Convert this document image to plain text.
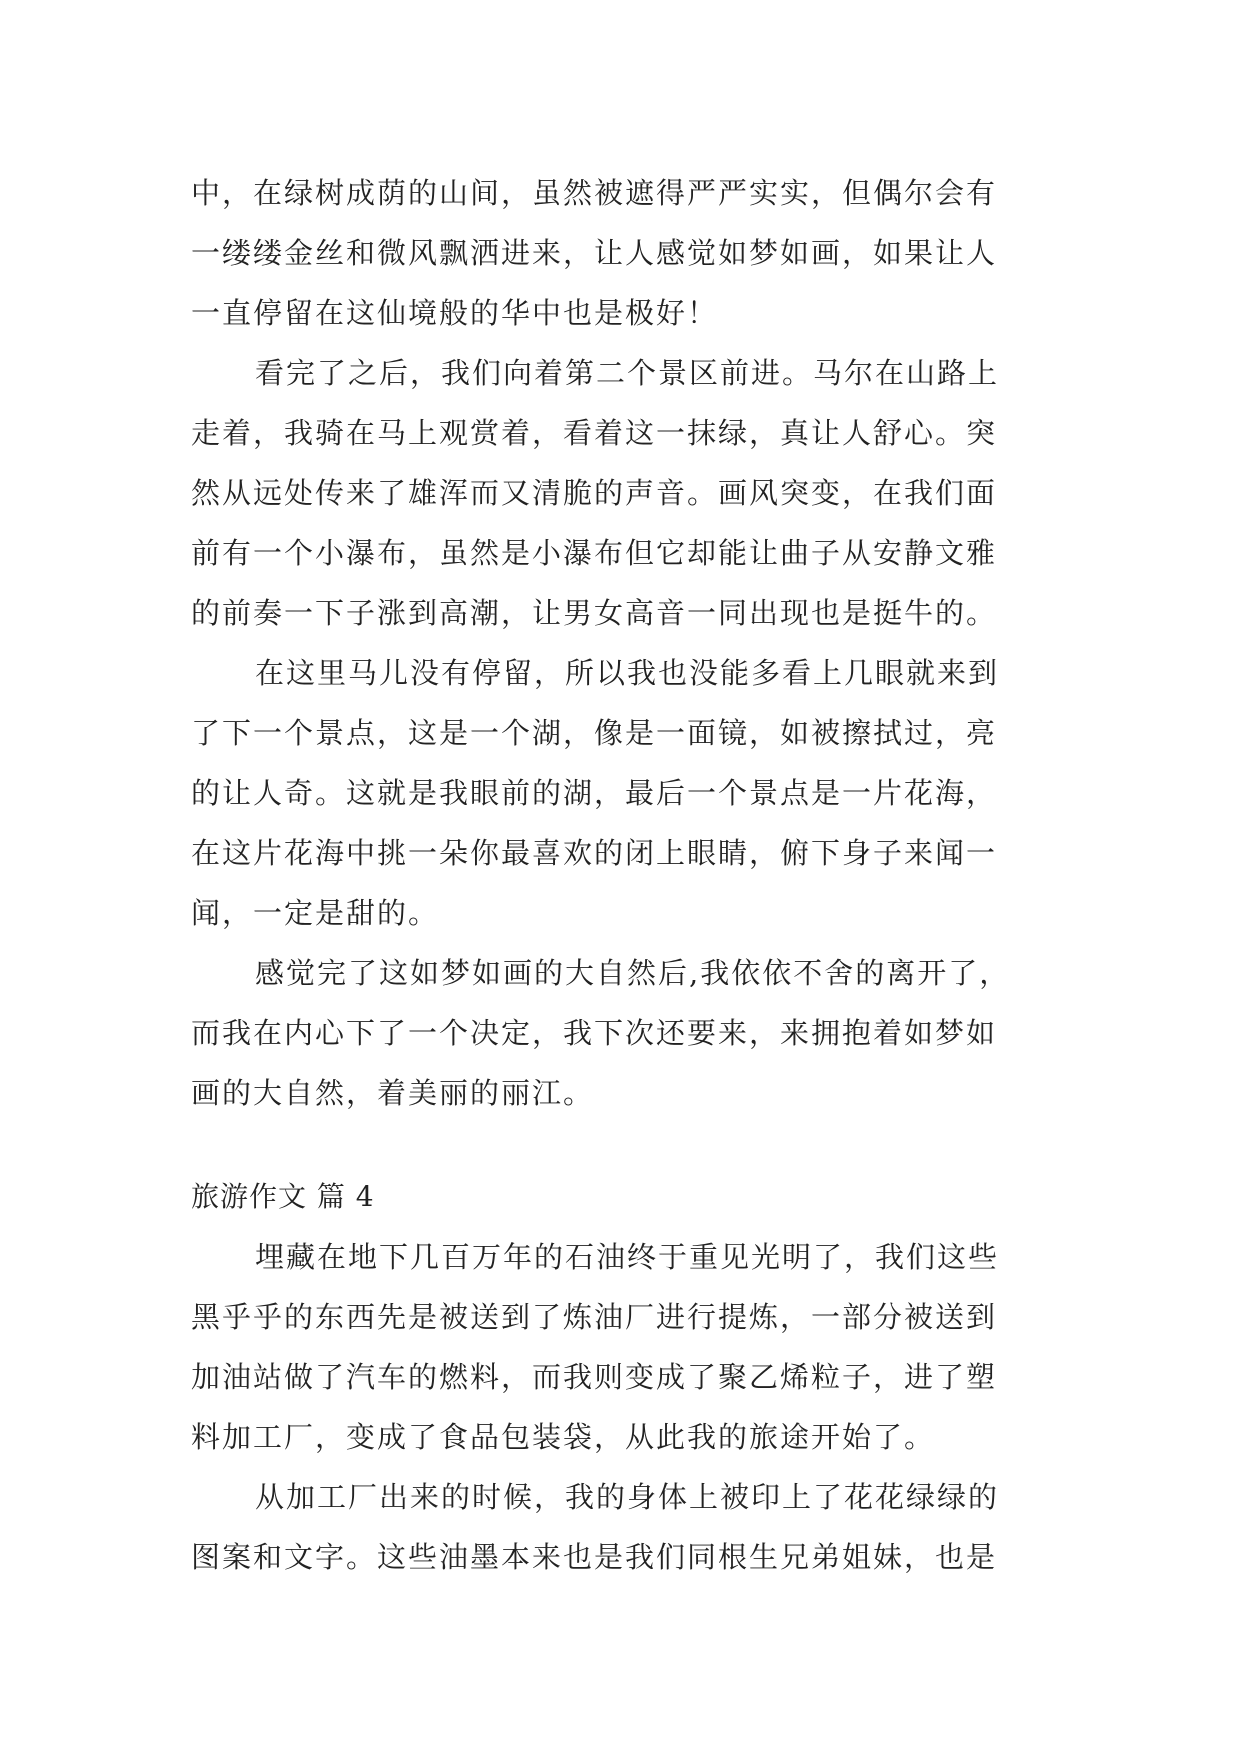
中，在绿树成荫的山间，虽然被遮得严严实实，但偶尔会有
一缕缕金丝和微风飘洒进来，让人感觉如梦如画，如果让人
一直停留在这仙境般的华中也是极好！
看完了之后，我们向着第二个景区前进。马尔在山路上
走着，我骑在马上观赏着，看着这一抹绿，真让人舒心。突
然从远处传来了雄浑而又清脆的声音。画风突变，在我们面
前有一个小瀑布，虽然是小瀑布但它却能让曲子从安静文雅
的前奏一下子涨到高潮，让男女高音一同出现也是挺牛的。
在这里马儿没有停留，所以我也没能多看上几眼就来到
了下一个景点，这是一个湖，像是一面镜，如被擦拭过，亮
的让人奇。这就是我眼前的湖，最后一个景点是一片花海，
在这片花海中挑一朵你最喜欢的闭上眼睛，俯下身子来闻一
闻，一定是甜的。
感觉完了这如梦如画的大自然后,我依依不舍的离开了，
而我在内心下了一个决定，我下次还要来，来拥抱着如梦如
画的大自然，着美丽的丽江。
旅游作文 篇 4
埋藏在地下几百万年的石油终于重见光明了，我们这些
黑乎乎的东西先是被送到了炼油厂进行提炼，一部分被送到
加油站做了汽车的燃料，而我则变成了聚乙烯粒子，进了塑
料加工厂，变成了食品包装袋，从此我的旅途开始了。
从加工厂出来的时候，我的身体上被印上了花花绿绿的
图案和文字。这些油墨本来也是我们同根生兄弟姐妹，也是
